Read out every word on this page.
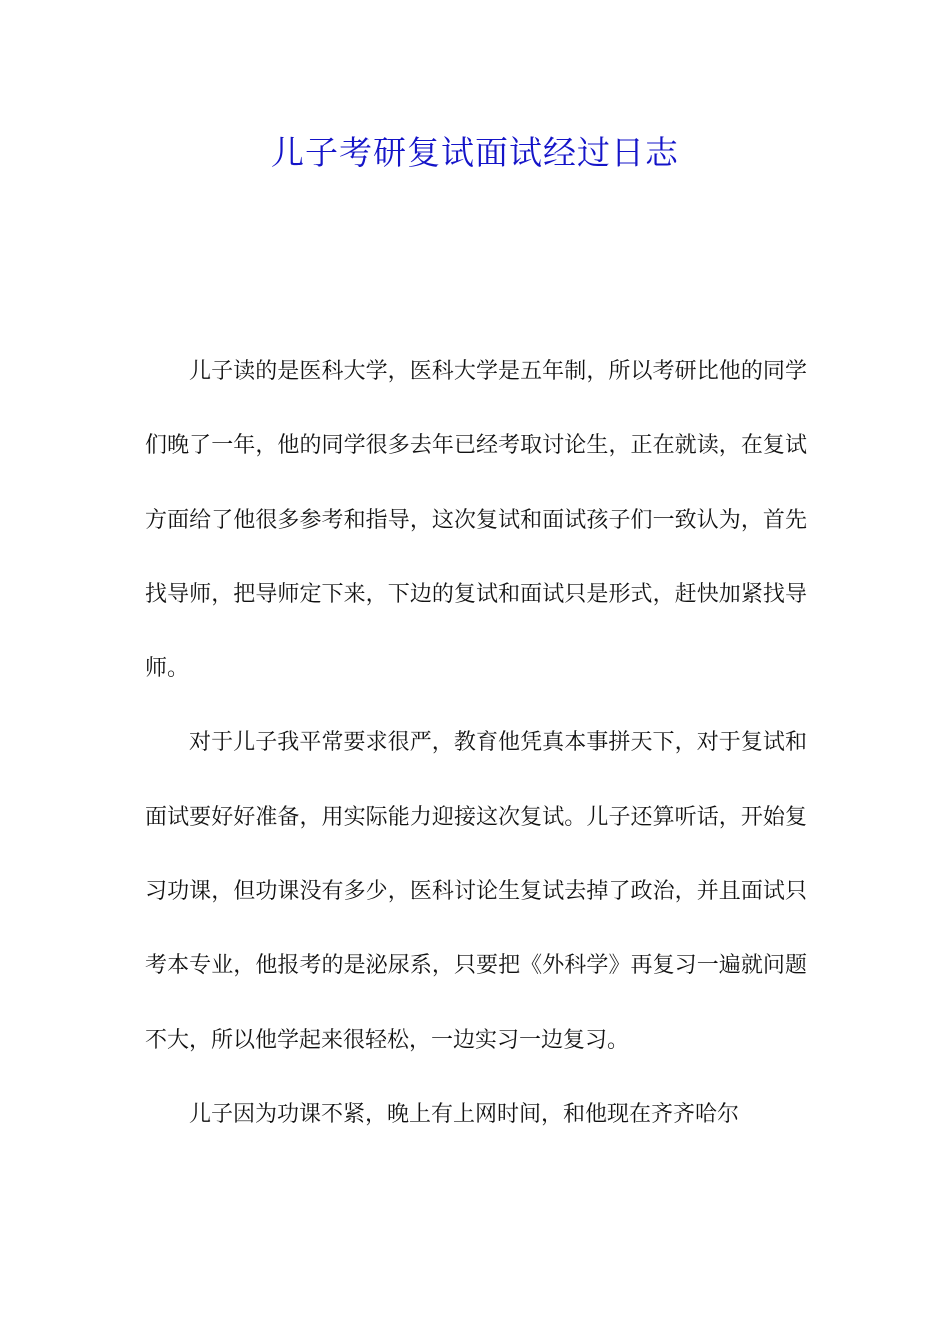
儿子考研复试面试经过日志

儿子读的是医科大学，医科大学是五年制，所以考研比他的同学们晚了一年，他的同学很多去年已经考取讨论生，正在就读，在复试方面给了他很多参考和指导，这次复试和面试孩子们一致认为，首先找导师，把导师定下来，下边的复试和面试只是形式，赶快加紧找导师。

对于儿子我平常要求很严，教育他凭真本事拼天下，对于复试和面试要好好准备，用实际能力迎接这次复试。儿子还算听话，开始复习功课，但功课没有多少，医科讨论生复试去掉了政治，并且面试只考本专业，他报考的是泌尿系，只要把《外科学》再复习一遍就问题不大，所以他学起来很轻松，一边实习一边复习。

儿子因为功课不紧，晚上有上网时间，和他现在齐齐哈尔
